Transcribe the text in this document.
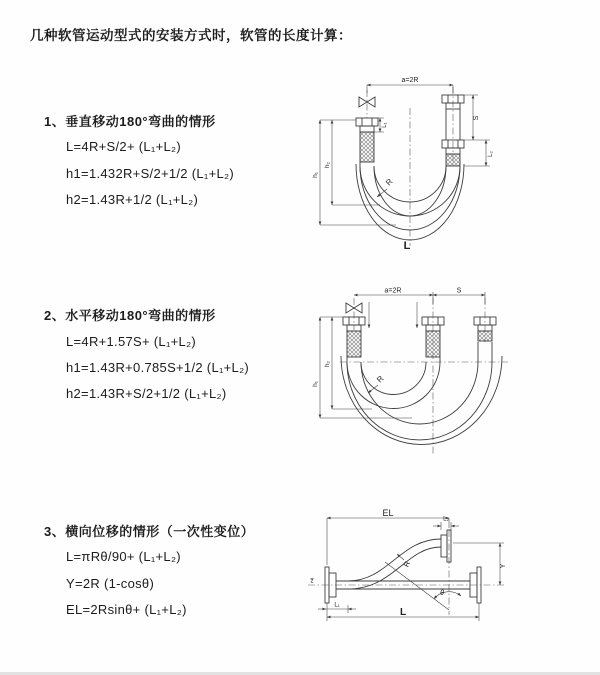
几种软管运动型式的安装方式时，软管的长度计算：
1、垂直移动180°弯曲的情形
L=4R+S/2+ (L₁+L₂)
h1=1.432R+S/2+1/2 (L₁+L₂)
h2=1.43R+1/2 (L₁+L₂)
2、水平移动180°弯曲的情形
L=4R+1.57S+ (L₁+L₂)
h1=1.43R+0.785S+1/2 (L₁+L₂)
h2=1.43R+S/2+1/2 (L₁+L₂)
3、横向位移的情形（一次性变位）
L=πRθ/90+ (L₁+L₂)
Y=2R (1-cosθ)
EL=2Rsinθ+ (L₁+L₂)
a=2R
h₁
h₂
L₁
S
L₂
R
L
a=2R	S
h₁
h₂
R
EL
L₂
Y
R
θ
L
L₁
z
